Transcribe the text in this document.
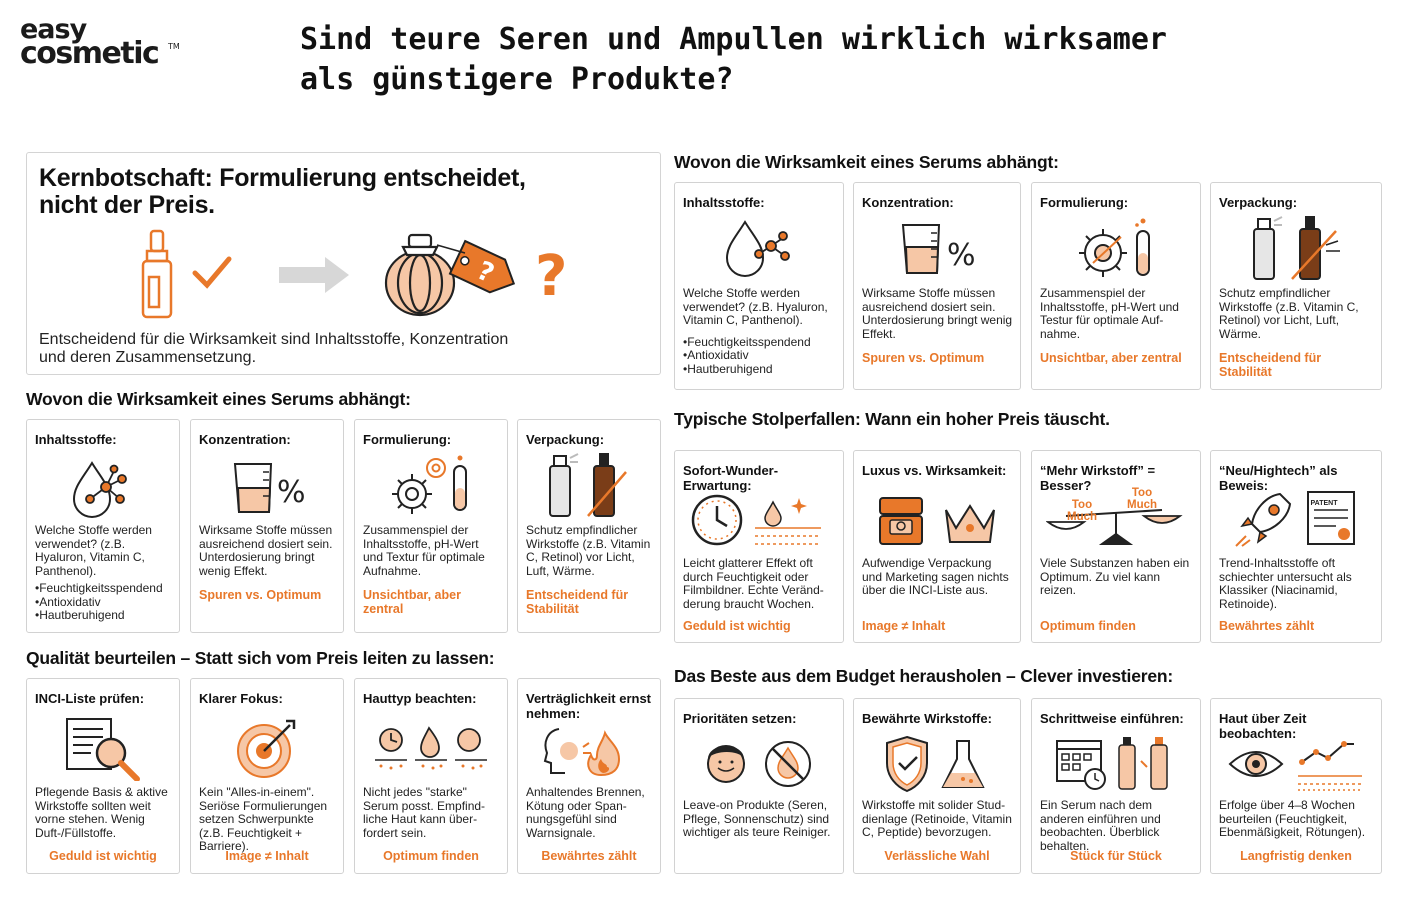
easy
cosmetic TM	Sind teure Seren und Ampullen wirklich wirksamer als günstigere Produkte?
Kernbotschaft: Formulierung entscheidet, nicht der Preis.
? ?
Entscheidend für die Wirksamkeit sind Inhaltsstoffe, Konzentration und deren Zusammensetzung.
Wovon die Wirksamkeit eines Serums abhängt:
Inhaltsstoffe:
Welche Stoffe werden verwendet? (z.B. Hyaluron, Vitamin C, Panthenol).
• Feuchtigkeitsspendend
• Antioxidativ
• Hautberuhigend
Konzentration:
%
Wirksame Stoffe müssen ausreichend dosiert sein. Unterdosierung bringt wenig Effekt.
Spuren vs. Optimum
Formulierung:
Zusammenspiel der Inhaltsstoffe, pH-Wert und Textur für optimale Aufnahme.
Unsichtbar, aber zentral
Verpackung:
Schutz empfindlicher Wirkstoffe (z.B. Vitamin C, Retinol) vor Licht, Luft, Wärme.
Entscheidend für Stabilität
Qualität beurteilen – Statt sich vom Preis leiten zu lassen:
INCI-Liste prüfen:
Pflegende Basis & aktive Wirkstoffe sollten weit vorne stehen. Wenig Duft-/Füllstoffe.
Geduld ist wichtig
Klarer Fokus:
Kein "Alles-in-einem". Seriöse Formulierungen setzen Schwerpunkte (z.B. Feuchtigkeit + Barriere).
Image ≠ Inhalt
Hauttyp beachten:
Nicht jedes "starke" Serum posst. Empfind-liche Haut kann über-fordert sein.
Optimum finden
Verträglichkeit ernst nehmen:
Anhaltendes Brennen, Kötung oder Span-nungsgefühl sind Warnsignale.
Bewährtes zählt
Wovon die Wirksamkeit eines Serums abhängt:
Inhaltsstoffe:
Welche Stoffe werden verwendet? (z.B. Hyaluron, Vitamin C, Panthenol).
• Feuchtigkeitsspendend
• Antioxidativ
• Hautberuhigend
Konzentration:
%
Wirksame Stoffe müssen ausreichend dosiert sein. Unterdosierung bringt wenig Effekt.
Spuren vs. Optimum
Formulierung:
Zusammenspiel der Inhaltsstoffe, pH-Wert und Testur für optimale Auf-nahme.
Unsichtbar, aber zentral
Verpackung:
Schutz empfindlicher Wirkstoffe (z.B. Vitamin C, Retinol) vor Licht, Luft, Wärme.
Entscheidend für Stabilität
Typische Stolperfallen: Wann ein hoher Preis täuscht.
Sofort-Wunder-Erwartung:
Leicht glatterer Effekt oft durch Feuchtigkeit oder Filmbildner. Echte Veränd-derung braucht Wochen.
Geduld ist wichtig
Luxus vs. Wirksamkeit:
Aufwendige Verpackung und Marketing sagen nichts über die INCI-Liste aus.
Image ≠ Inhalt
“Mehr Wirkstoff” = Besser?
Too Much
Too Much
Viele Substanzen haben ein Optimum. Zu viel kann reizen.
Optimum finden
“Neu/Hightech” als Beweis:
PATENT
Trend-Inhaltsstoffe oft schiechter untersucht als Klassiker (Niacinamid, Retinoide).
Bewährtes zählt
Das Beste aus dem Budget herausholen – Clever investieren:
Prioritäten setzen:
Leave-on Produkte (Seren, Pflege, Sonnenschutz) sind wichtiger als teure Reiniger.
Bewährte Wirkstoffe:
Wirkstoffe mit solider Stud-dienlage (Retinoide, Vitamin C, Peptide) bevorzugen.
Verlässliche Wahl
Schrittweise einführen:
Ein Serum nach dem anderen einführen und beobachten. Überblick behalten.
Stück für Stück
Haut über Zeit beobachten:
Erfolge über 4–8 Wochen beurteilen (Feuchtigkeit, Ebenmäßigkeit, Rötungen).
Langfristig denken
